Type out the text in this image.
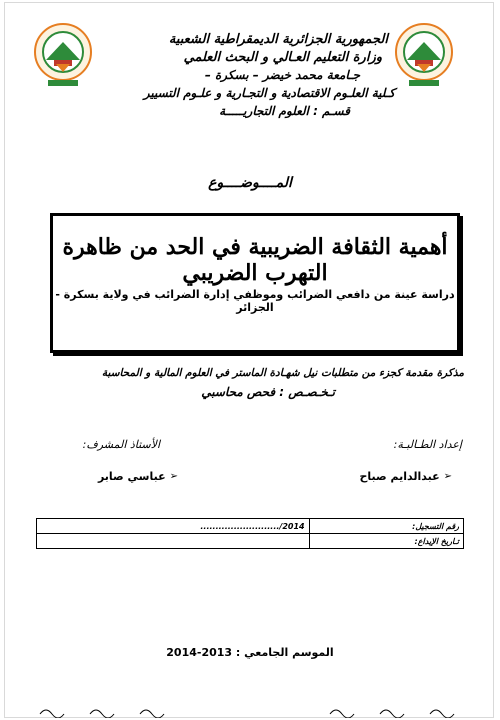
الجمهورية الجزائرية الديمقراطية الشعبية
وزارة التعليم العـالي و البحث العلمي
جـامعة محمد خيضر – بسكرة –
كـلية العلـوم الاقتصادية و التجـارية و علـوم التسيير
قسـم : العلوم التجاريـــــة
المــــوضــــوع
أهمية الثقافة الضريبية في الحد من ظاهرة التهرب الضريبي
دراسة عينة من دافعي الضرائب وموظفي إدارة الضرائب في ولاية بسكرة - الجزائر
مذكرة مقدمة كجزء من متطلبات نيل شهـادة الماستر في العلوم المالية و المحاسبة
تـخـصـص : فحص محاسبي
إعداد الطـالبـة:
الأستاذ المشرف:
➢
عبدالدايم صباح
➢
عباسي صابر
........................../2014	رقم التسجيل:
	تـاريخ الإيداع:
الموسم الجامعي : 2013-2014
